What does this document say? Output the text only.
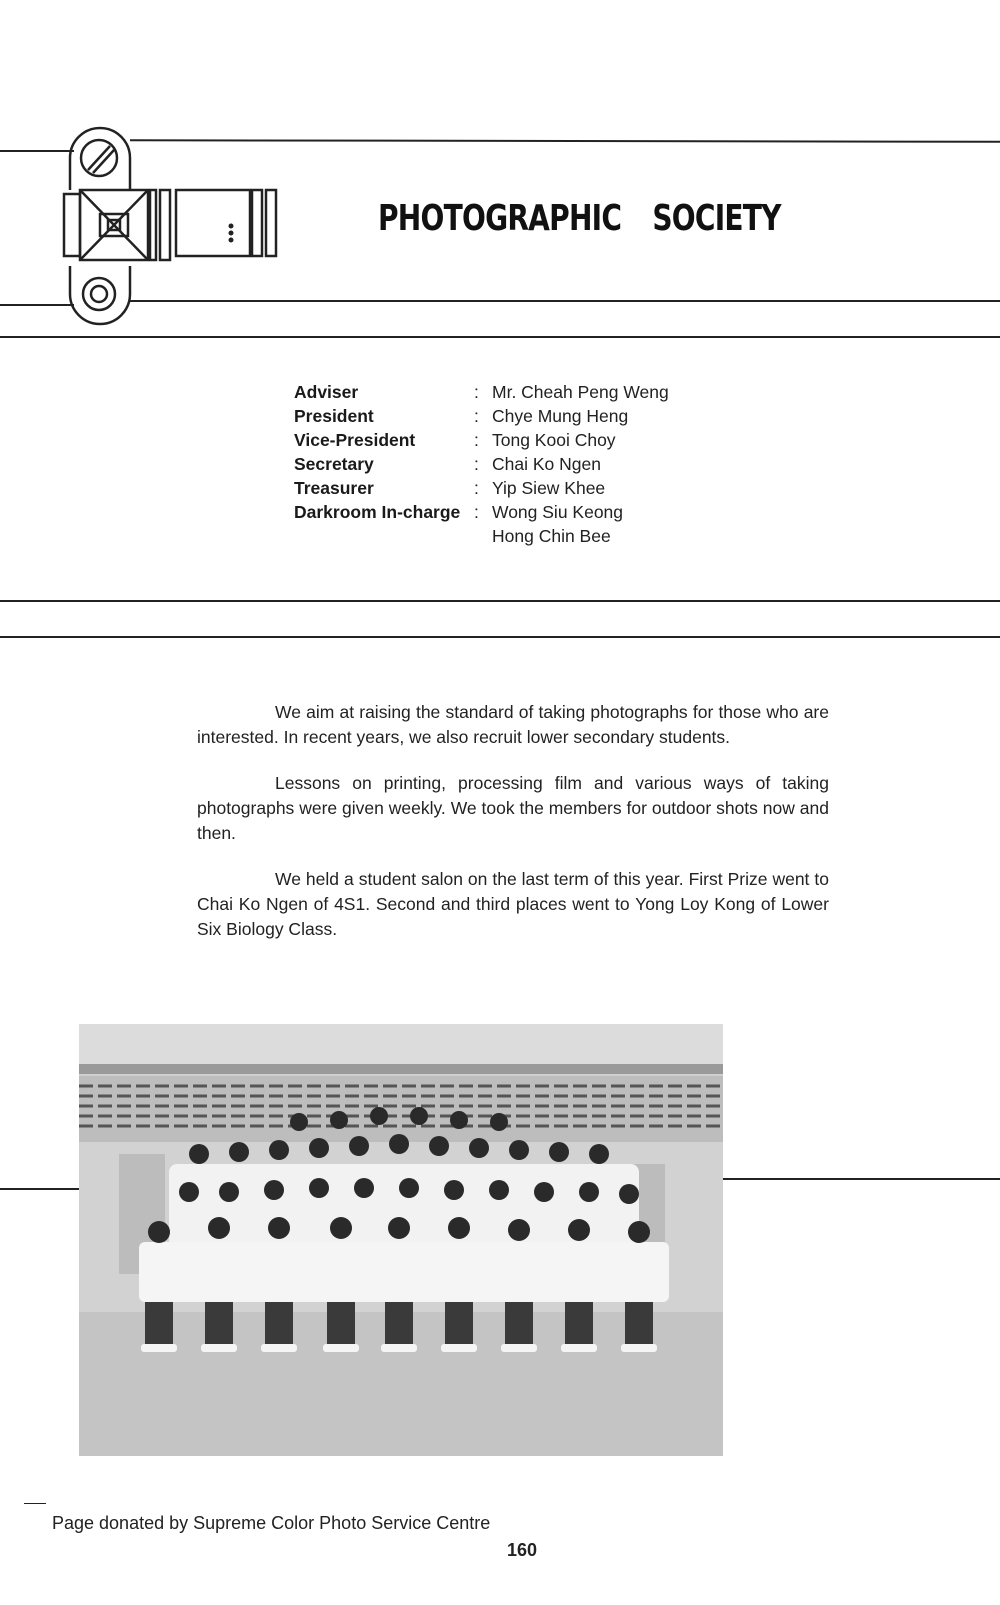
PHOTOGRAPHIC SOCIETY
Adviser	: Mr. Cheah Peng Weng
President	: Chye Mung Heng
Vice-President	: Tong Kooi Choy
Secretary	: Chai Ko Ngen
Treasurer	: Yip Siew Khee
Darkroom In-charge : Wong Siu Keong
Hong Chin Bee

We aim at raising the standard of taking photographs for those who are interested. In recent years, we also recruit lower secondary students.

Lessons on printing, processing film and various ways of taking photographs were given weekly. We took the members for outdoor shots now and then.

We held a student salon on the last term of this year. First Prize went to Chai Ko Ngen of 4S1. Second and third places went to Yong Loy Kong of Lower Six Biology Class.

Page donated by Supreme Color Photo Service Centre
160
